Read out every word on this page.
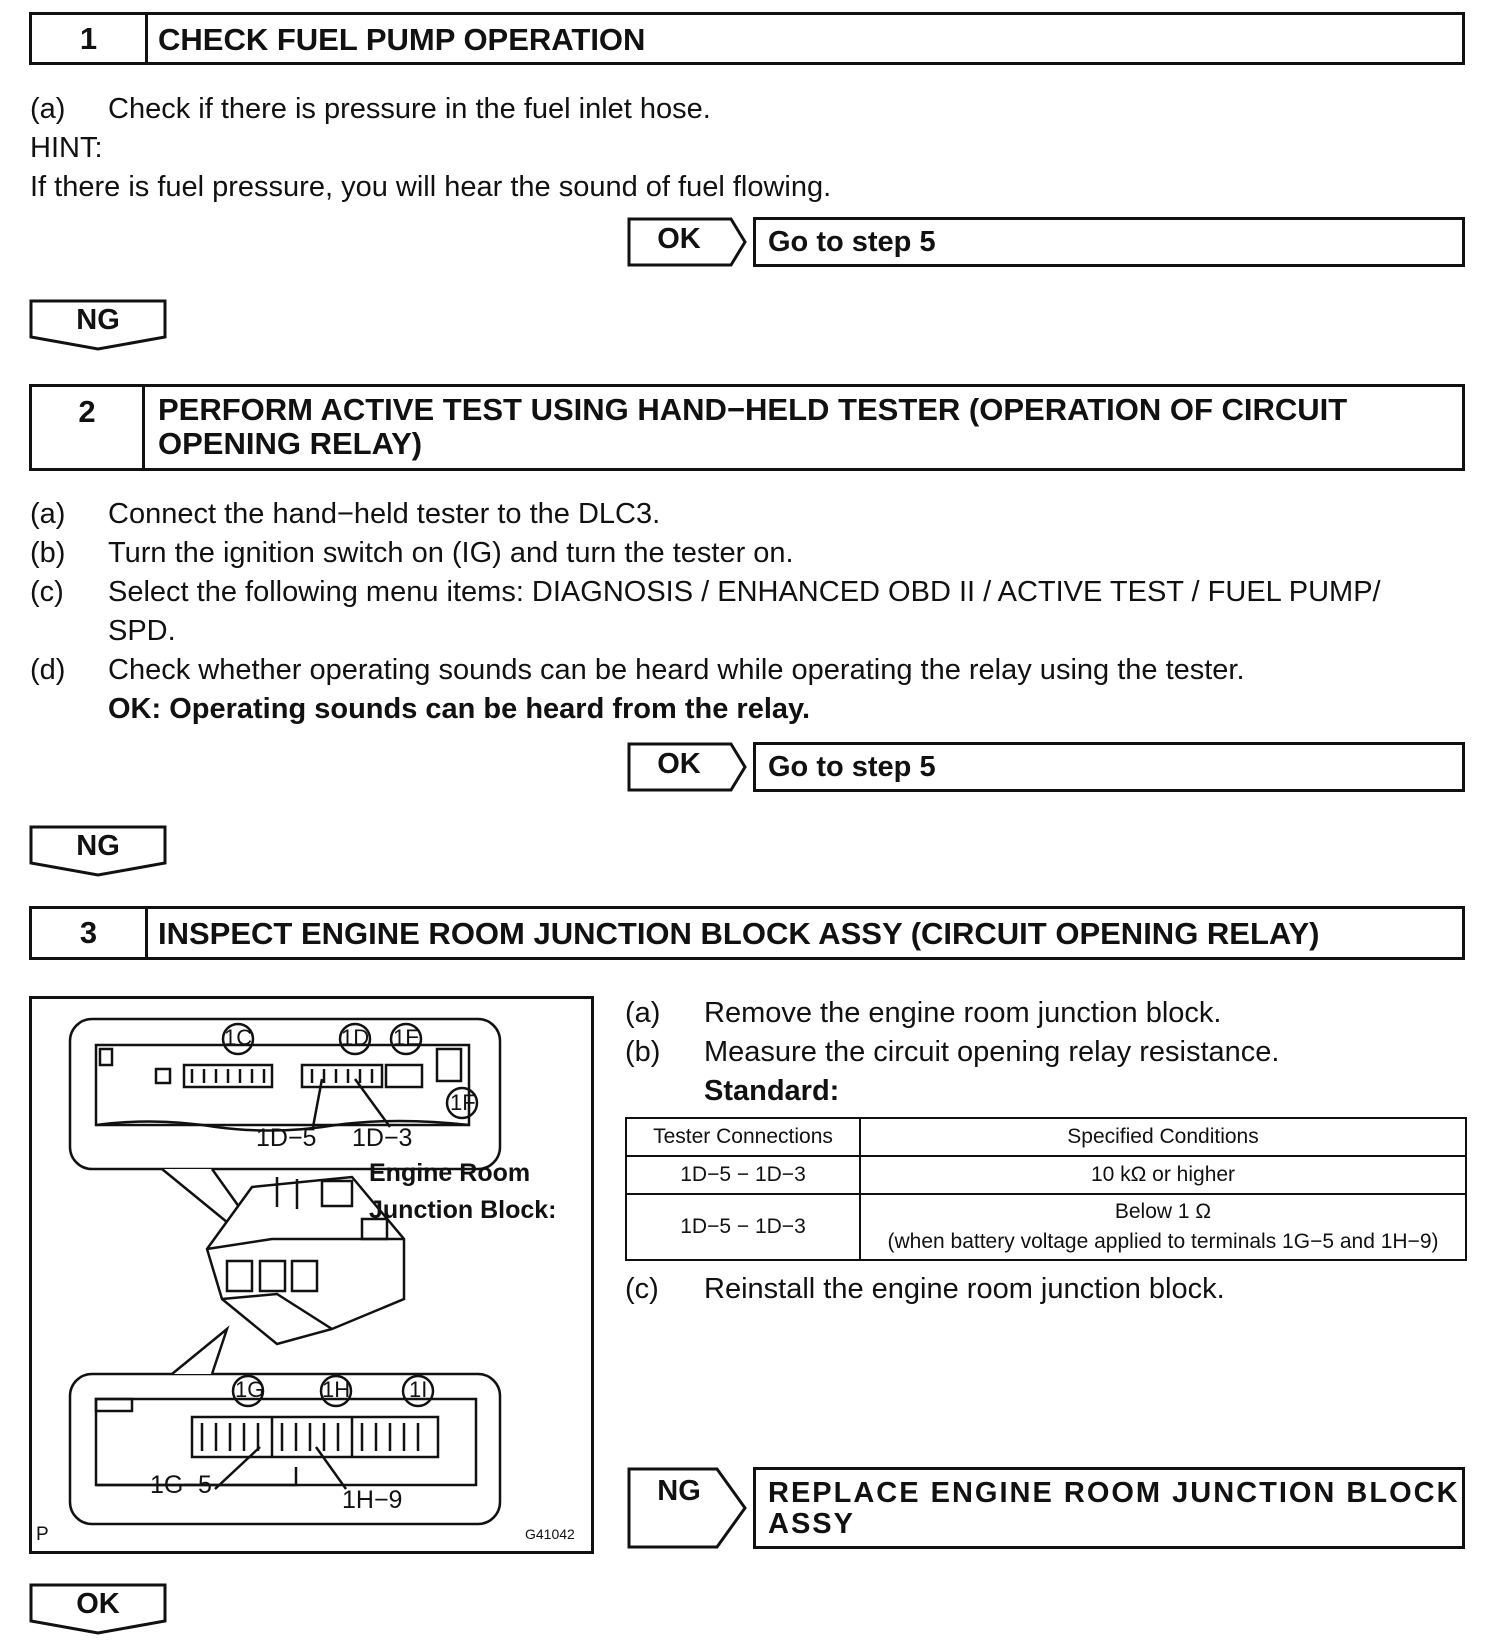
1	CHECK FUEL PUMP OPERATION
(a) Check if there is pressure in the fuel inlet hose.
HINT:
If there is fuel pressure, you will hear the sound of fuel flowing.
OK	Go to step 5
NG
2	PERFORM ACTIVE TEST USING HAND−HELD TESTER (OPERATION OF CIRCUIT
OPENING RELAY)
(a) Connect the hand−held tester to the DLC3.
(b) Turn the ignition switch on (IG) and turn the tester on.
(c) Select the following menu items: DIAGNOSIS / ENHANCED OBD II / ACTIVE TEST / FUEL PUMP/
SPD.
(d) Check whether operating sounds can be heard while operating the relay using the tester.
OK: Operating sounds can be heard from the relay.
OK	Go to step 5
NG
3	INSPECT ENGINE ROOM JUNCTION BLOCK ASSY (CIRCUIT OPENING RELAY)
1C	1D 1E
1F
1D−5 1D−3
Engine Room
Junction Block:
1G	1H	1I
1G−5
1H−9
P	G41042
(a) Remove the engine room junction block.
(b) Measure the circuit opening relay resistance.
Standard:
Tester Connections	Specified Conditions
1D−5 − 1D−3	10 kΩ or higher
1D−5 − 1D−3	Below 1 Ω
(when battery voltage applied to terminals 1G−5 and 1H−9)
(c) Reinstall the engine room junction block.
NG	REPLACE ENGINE ROOM JUNCTION BLOCK
ASSY
OK
